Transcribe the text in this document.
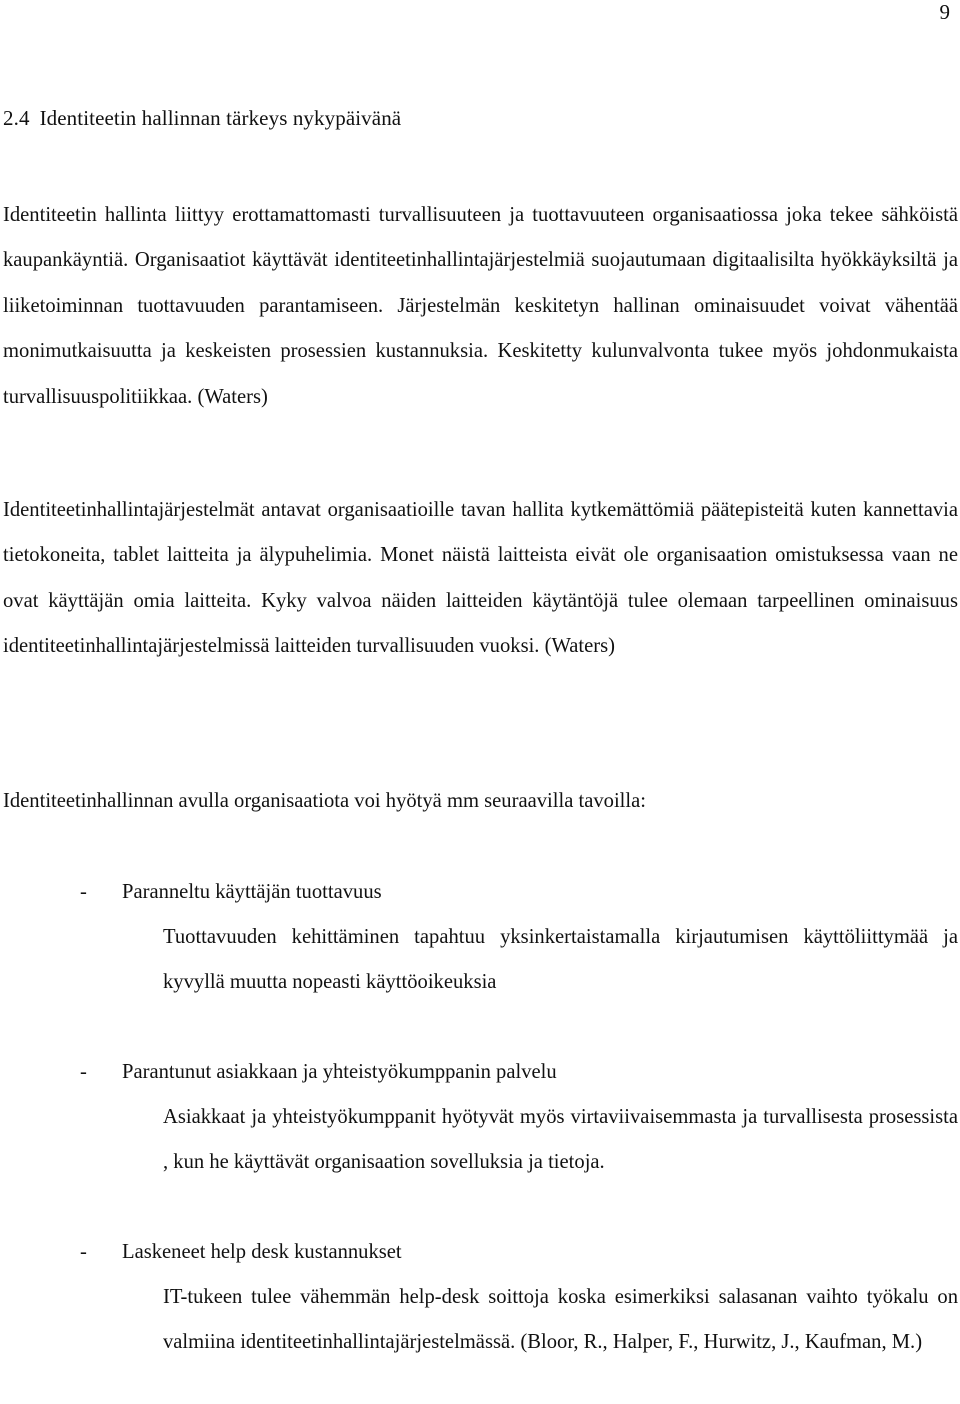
9
2.4 Identiteetin hallinnan tärkeys nykypäivänä

Identiteetin hallinta liittyy erottamattomasti turvallisuuteen ja tuottavuuteen organisaatiossa joka tekee sähköistä kaupankäyntiä. Organisaatiot käyttävät identiteetinhallintajärjestelmiä suojautumaan digitaalisilta hyökkäyksiltä ja liiketoiminnan tuottavuuden parantamiseen. Järjestelmän keskitetyn hallinan ominaisuudet voivat vähentää monimutkaisuutta ja keskeisten prosessien kustannuksia. Keskitetty kulunvalvonta tukee myös johdonmukaista turvallisuuspolitiikkaa. (Waters)

Identiteetinhallintajärjestelmät antavat organisaatioille tavan hallita kytkemättömiä päätepisteitä kuten kannettavia tietokoneita, tablet laitteita ja älypuhelimia. Monet näistä laitteista eivät ole organisaation omistuksessa vaan ne ovat käyttäjän omia laitteita. Kyky valvoa näiden laitteiden käytäntöjä tulee olemaan tarpeellinen ominaisuus identiteetinhallintajärjestelmissä laitteiden turvallisuuden vuoksi. (Waters)

Identiteetinhallinnan avulla organisaatiota voi hyötyä mm seuraavilla tavoilla:

- Paranneltu käyttäjän tuottavuus

Tuottavuuden kehittäminen tapahtuu yksinkertaistamalla kirjautumisen käyttöliittymää ja kyvyllä muutta nopeasti käyttöoikeuksia

- Parantunut asiakkaan ja yhteistyökumppanin palvelu

Asiakkaat ja yhteistyökumppanit hyötyvät myös virtaviivaisemmasta ja turvallisesta prosessista , kun he käyttävät organisaation sovelluksia ja tietoja.

- Laskeneet help desk kustannukset

IT-tukeen tulee vähemmän help-desk soittoja koska esimerkiksi salasanan vaihto työkalu on valmiina identiteetinhallintajärjestelmässä. (Bloor, R., Halper, F., Hurwitz, J., Kaufman, M.)
